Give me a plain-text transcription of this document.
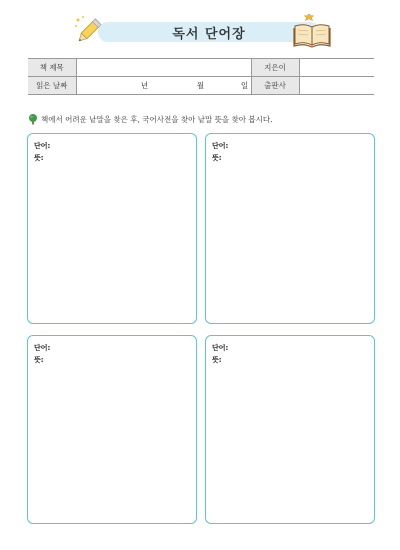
독서 단어장
책 제목		지은이	
읽은 날짜	년 월 일	출판사	
책에서 어려운 낱말을 찾은 후, 국어사전을 찾아 낱말 뜻을 찾아 봅시다.
단어:
뜻:
단어:
뜻:
단어:
뜻:
단어:
뜻:
